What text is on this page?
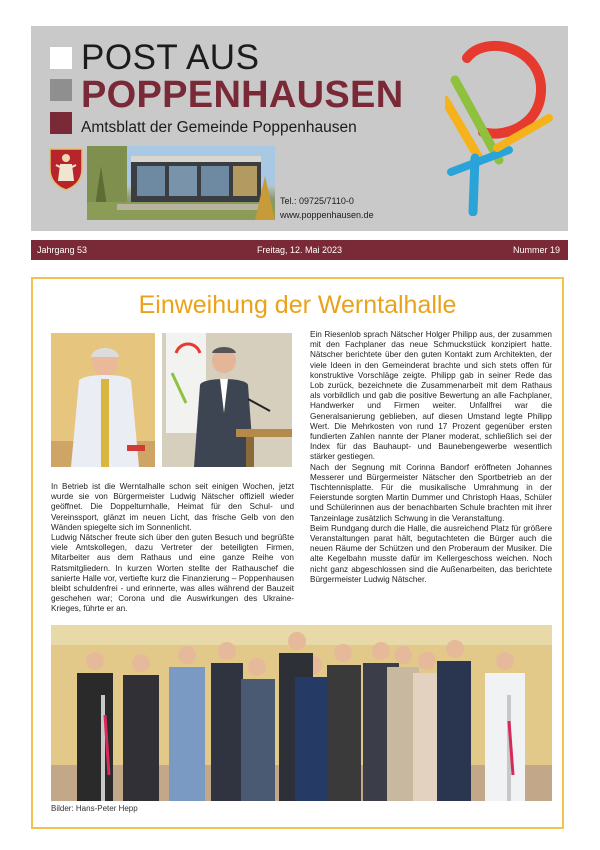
POST AUS
POPPENHAUSEN
Amtsblatt der Gemeinde Poppenhausen
Tel.: 09725/7110-0
www.poppenhausen.de
Freitag, 12. Mai 2023
Jahrgang 53	Nummer 19
Einweihung der Werntalhalle

In Betrieb ist die Werntalhalle schon seit einigen Wochen, jetzt wurde sie von Bürgermeister Ludwig Nätscher offiziell wieder geöffnet. Die Doppelturnhalle, Heimat für den Schul- und Vereinssport, glänzt im neuen Licht, das frische Gelb von den Wänden spiegelte sich im Sonnenlicht.

Ludwig Nätscher freute sich über den guten Besuch und begrüßte viele Amtskollegen, dazu Vertreter der beteiligten Firmen, Mitarbeiter aus dem Rathaus und eine ganze Reihe von Ratsmitgliedern. In kurzen Worten stellte der Rathauschef die sanierte Halle vor, vertiefte kurz die Finanzierung – Poppenhausen bleibt schuldenfrei - und erinnerte, was alles während der Bauzeit geschehen war; Corona und die Auswirkungen des Ukraine-Krieges, führte er an.

Ein Riesenlob sprach Nätscher Holger Philipp aus, der zusammen mit den Fachplaner das neue Schmuckstück konzipiert hatte. Nätscher berichtete über den guten Kontakt zum Architekten, der viele Ideen in den Gemeinderat brachte und sich stets offen für konstruktive Vorschläge zeigte. Philipp gab in seiner Rede das Lob zurück, bezeichnete die Zusammenarbeit mit dem Rathaus als vorbildlich und gab die positive Bewertung an alle Fachplaner, Handwerker und Firmen weiter. Unfallfrei war die Generalsanierung geblieben, auf diesen Umstand legte Philipp Wert. Die Mehrkosten von rund 17 Prozent gegenüber ersten fundierten Zahlen nannte der Planer moderat, schließlich sei der Index für das Bauhaupt- und Baunebengewerbe wesentlich stärker gestiegen.

Nach der Segnung mit Corinna Bandorf eröffneten Johannes Messerer und Bürgermeister Nätscher den Sportbetrieb an der Tischtennisplatte. Für die musikalische Umrahmung in der Feierstunde sorgten Martin Dummer und Christoph Haas, Schüler und Schülerinnen aus der benachbarten Schule brachten mit ihrer Tanzeinlage zusätzlich Schwung in die Veranstaltung.

Beim Rundgang durch die Halle, die ausreichend Platz für größere Veranstaltungen parat hält, begutachteten die Bürger auch die neuen Räume der Schützen und den Proberaum der Musiker. Die alte Kegelbahn musste dafür im Kellergeschoss weichen. Noch nicht ganz abgeschlossen sind die Außenarbeiten, das berichtete Bürgermeister Ludwig Nätscher.

Bilder: Hans-Peter Hepp
